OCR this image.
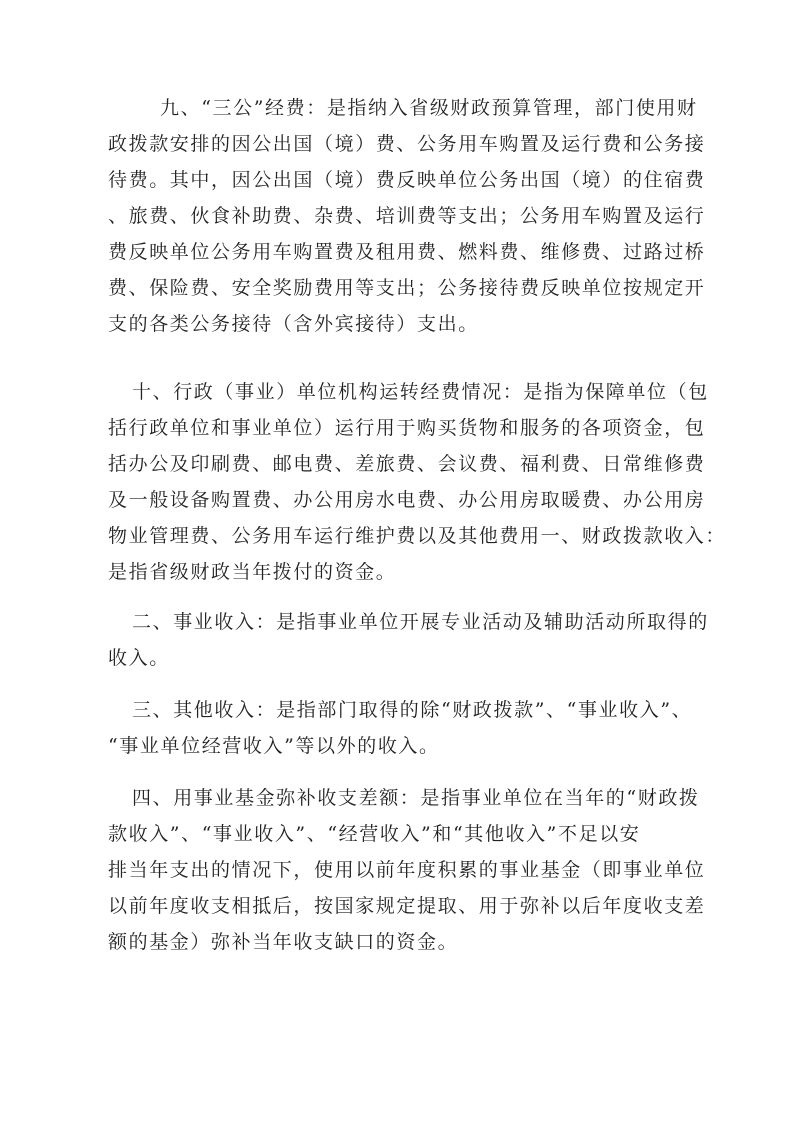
九、“三公”经费：是指纳入省级财政预算管理，部门使用财
政拨款安排的因公出国（境）费、公务用车购置及运行费和公务接
待费。其中，因公出国（境）费反映单位公务出国（境）的住宿费
、旅费、伙食补助费、杂费、培训费等支出；公务用车购置及运行
费反映单位公务用车购置费及租用费、燃料费、维修费、过路过桥
费、保险费、安全奖励费用等支出；公务接待费反映单位按规定开
支的各类公务接待（含外宾接待）支出。
十、行政（事业）单位机构运转经费情况：是指为保障单位（包
括行政单位和事业单位）运行用于购买货物和服务的各项资金，包
括办公及印刷费、邮电费、差旅费、会议费、福利费、日常维修费
及一般设备购置费、办公用房水电费、办公用房取暖费、办公用房
物业管理费、公务用车运行维护费以及其他费用一、财政拨款收入：
是指省级财政当年拨付的资金。
二、事业收入：是指事业单位开展专业活动及辅助活动所取得的
收入。
三、其他收入：是指部门取得的除“财政拨款”、“事业收入”、
“事业单位经营收入”等以外的收入。
四、用事业基金弥补收支差额：是指事业单位在当年的“财政拨
款收入”、“事业收入”、“经营收入”和“其他收入”不足以安
排当年支出的情况下，使用以前年度积累的事业基金（即事业单位
以前年度收支相抵后，按国家规定提取、用于弥补以后年度收支差
额的基金）弥补当年收支缺口的资金。
